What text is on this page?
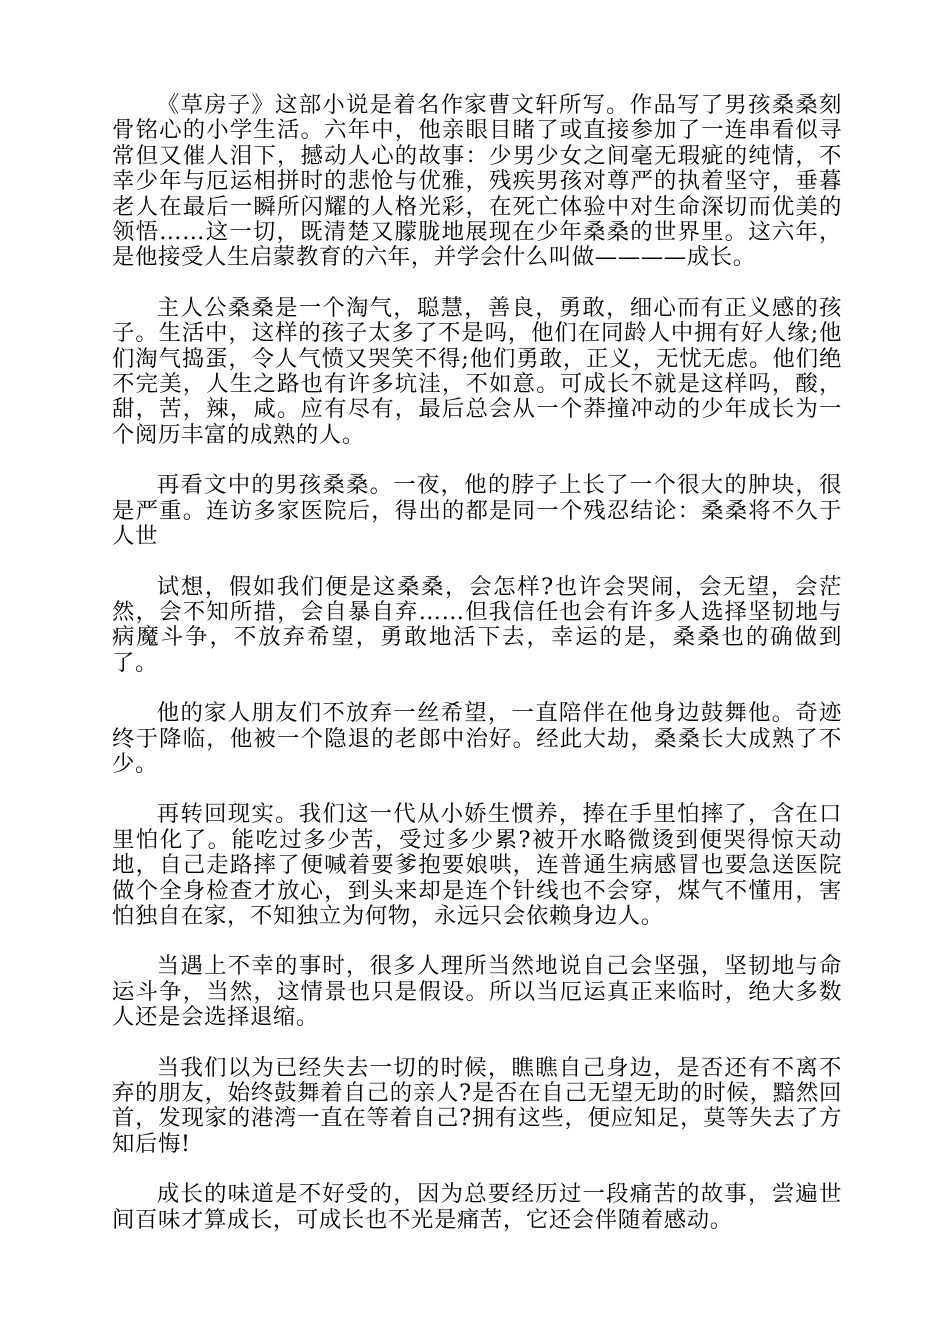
《草房子》这部小说是着名作家曹文轩所写。作品写了男孩桑桑刻骨铭心的小学生活。六年中，他亲眼目睹了或直接参加了一连串看似寻常但又催人泪下，撼动人心的故事：少男少女之间毫无瑕疵的纯情，不幸少年与厄运相拼时的悲怆与优雅，残疾男孩对尊严的执着坚守，垂暮老人在最后一瞬所闪耀的人格光彩，在死亡体验中对生命深切而优美的领悟……这一切，既清楚又朦胧地展现在少年桑桑的世界里。这六年，是他接受人生启蒙教育的六年，并学会什么叫做————成长。

主人公桑桑是一个淘气，聪慧，善良，勇敢，细心而有正义感的孩子。生活中，这样的孩子太多了不是吗，他们在同龄人中拥有好人缘;他们淘气捣蛋，令人气愤又哭笑不得;他们勇敢，正义，无忧无虑。他们绝不完美，人生之路也有许多坑洼，不如意。可成长不就是这样吗，酸，甜，苦，辣，咸。应有尽有，最后总会从一个莽撞冲动的少年成长为一个阅历丰富的成熟的人。

再看文中的男孩桑桑。一夜，他的脖子上长了一个很大的肿块，很是严重。连访多家医院后，得出的都是同一个残忍结论：桑桑将不久于人世

试想，假如我们便是这桑桑，会怎样?也许会哭闹，会无望，会茫然，会不知所措，会自暴自弃……但我信任也会有许多人选择坚韧地与病魔斗争，不放弃希望，勇敢地活下去，幸运的是，桑桑也的确做到了。

他的家人朋友们不放弃一丝希望，一直陪伴在他身边鼓舞他。奇迹终于降临，他被一个隐退的老郎中治好。经此大劫，桑桑长大成熟了不少。

再转回现实。我们这一代从小娇生惯养，捧在手里怕摔了，含在口里怕化了。能吃过多少苦，受过多少累?被开水略微烫到便哭得惊天动地，自己走路摔了便喊着要爹抱要娘哄，连普通生病感冒也要急送医院做个全身检查才放心，到头来却是连个针线也不会穿，煤气不懂用，害怕独自在家，不知独立为何物，永远只会依赖身边人。

当遇上不幸的事时，很多人理所当然地说自己会坚强，坚韧地与命运斗争，当然，这情景也只是假设。所以当厄运真正来临时，绝大多数人还是会选择退缩。

当我们以为已经失去一切的时候，瞧瞧自己身边，是否还有不离不弃的朋友，始终鼓舞着自己的亲人?是否在自己无望无助的时候，黯然回首，发现家的港湾一直在等着自己?拥有这些，便应知足，莫等失去了方知后悔!

成长的味道是不好受的，因为总要经历过一段痛苦的故事，尝遍世间百味才算成长，可成长也不光是痛苦，它还会伴随着感动。
